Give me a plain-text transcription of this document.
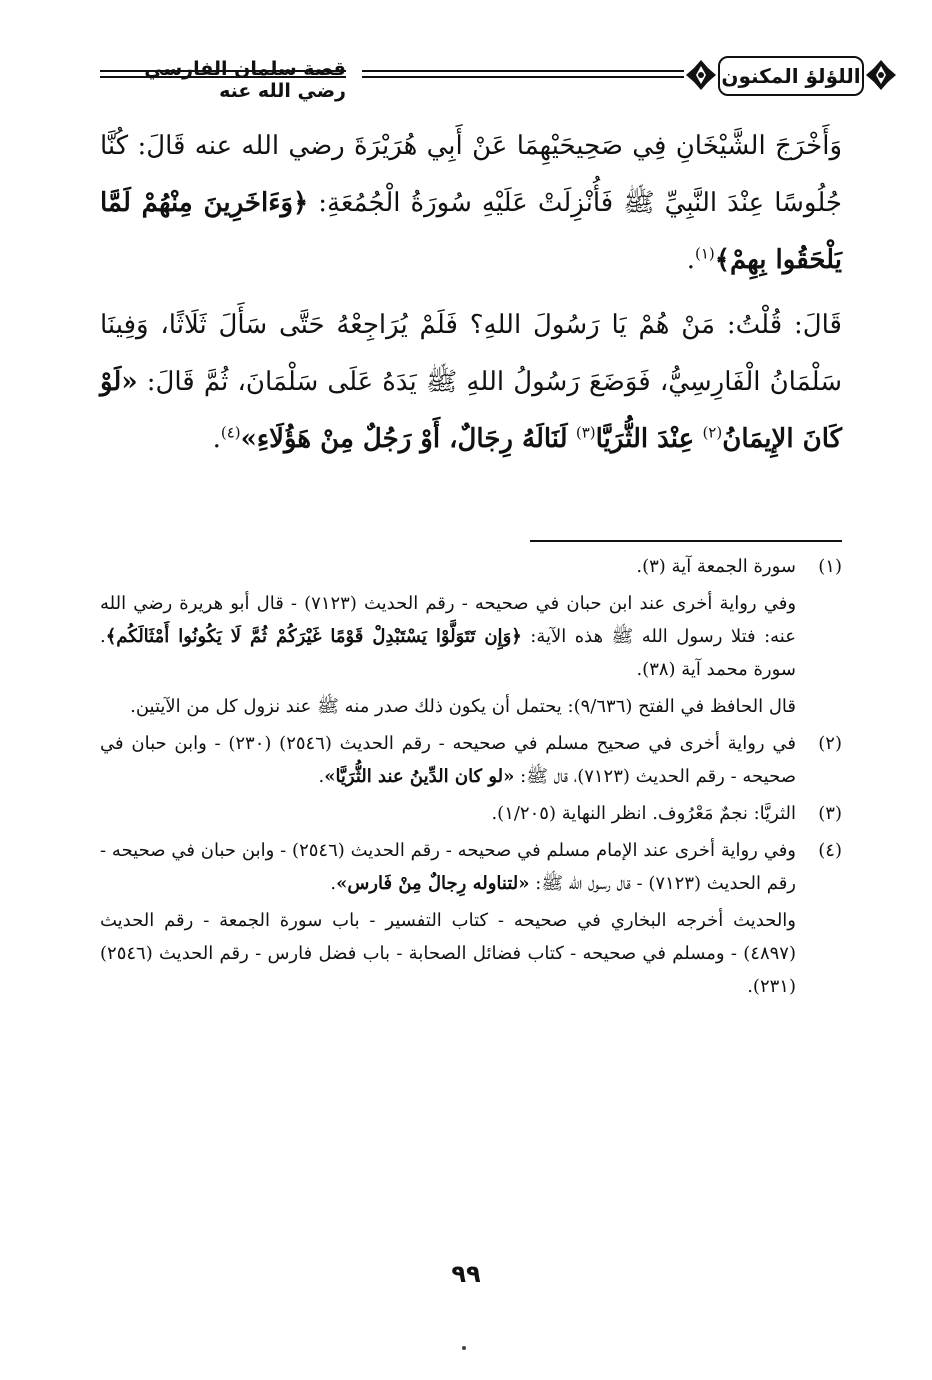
قصة سلمان الفارسي رضي الله عنه
اللؤلؤ المكنون

وَأَخْرَجَ الشَّيْخَانِ فِي صَحِيحَيْهِمَا عَنْ أَبِي هُرَيْرَةَ رضي الله عنه قَالَ: كُنَّا جُلُوسًا عِنْدَ النَّبِيِّ ﷺ فَأُنْزِلَتْ عَلَيْهِ سُورَةُ الْجُمُعَةِ: ﴿وَءَاخَرِينَ مِنْهُمْ لَمَّا يَلْحَقُوا بِهِمْ﴾$^{(١)}$.

قَالَ: قُلْتُ: مَنْ هُمْ يَا رَسُولَ اللهِ؟ فَلَمْ يُرَاجِعْهُ حَتَّى سَأَلَ ثَلَاثًا، وَفِينَا سَلْمَانُ الْفَارِسِيُّ، فَوَضَعَ رَسُولُ اللهِ ﷺ يَدَهُ عَلَى سَلْمَانَ، ثُمَّ قَالَ: «لَوْ كَانَ الإِيمَانُ$^{(٢)}$ عِنْدَ الثُّرَيَّا$^{(٣)}$ لَنَالَهُ رِجَالٌ، أَوْ رَجُلٌ مِنْ هَؤُلَاءِ»$^{(٤)}$.

(١)

سورة الجمعة آية (٣).

وفي رواية أخرى عند ابن حبان في صحيحه - رقم الحديث (٧١٢٣) - قال أبو هريرة رضي الله عنه: فتلا رسول الله ﷺ هذه الآية: ﴿وَإِن تَتَوَلَّوْا يَسْتَبْدِلْ قَوْمًا غَيْرَكُمْ ثُمَّ لَا يَكُونُوا أَمْثَالَكُم﴾. سورة محمد آية (٣٨).

قال الحافظ في الفتح (٩/٦٣٦): يحتمل أن يكون ذلك صدر منه ﷺ عند نزول كل من الآيتين.

(٢)

في رواية أخرى في صحيح مسلم في صحيحه - رقم الحديث (٢٥٤٦) (٢٣٠) - وابن حبان في صحيحه - رقم الحديث (٧١٢٣)، قال ﷺ: «لو كان الدِّينُ عند الثُّرَيَّا».

(٣)

الثريَّا: نجمٌ مَعْرُوف. انظر النهاية (١/٢٠٥).

(٤)

وفي رواية أخرى عند الإمام مسلم في صحيحه - رقم الحديث (٢٥٤٦) - وابن حبان في صحيحه - رقم الحديث (٧١٢٣) - قال رسول الله ﷺ: «لتناوله رِجالٌ مِنْ فَارس».

والحديث أخرجه البخاري في صحيحه - كتاب التفسير - باب سورة الجمعة - رقم الحديث (٤٨٩٧) - ومسلم في صحيحه - كتاب فضائل الصحابة - باب فضل فارس - رقم الحديث (٢٥٤٦) (٢٣١).

٩٩
